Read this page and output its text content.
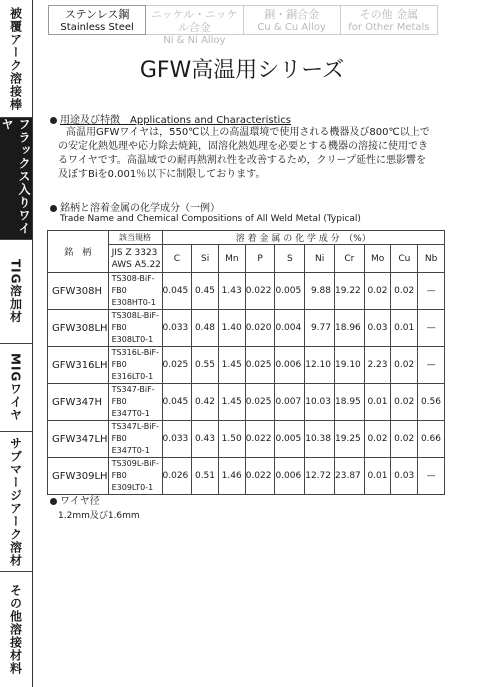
被覆アーク溶接棒
フラックス入りワイヤ
TIG溶加材
MIGワイヤ
サブマージアーク溶材
その他溶接材料
ステンレス鋼
Stainless Steel
ニッケル・ニッケル合金
Ni & Ni Alloy
銅・銅合金
Cu & Cu Alloy
その他 金属
for Other Metals
GFW高温用シリーズ
用途及び特徴　 Applications and Characteristics
高温用GFWワイヤは，550℃以上の高温環境で使用される機器及び800℃以上で
の安定化熱処理や応力除去焼鈍，固溶化熱処理を必要とする機器の溶接に使用でき
るワイヤです。高温域での耐再熱割れ性を改善するため，クリープ延性に悪影響を
及ぼすBiを0.001％以下に制限しております。
銘柄と溶着金属の化学成分（一例）
Trade Name and Chemical Compositions of All Weld Metal (Typical)
銘　柄	該当規格	溶 着 金 属 の 化 学 成 分　（%）									

	JIS Z 3323
AWS A5.22	C	Si	Mn	P	S	Ni	Cr	Mo	Cu	Nb
GFW308H	TS308-BiF-FB0
E308HT0-1	0.045	0.45	1.43	0.022	0.005	9.88	19.22	0.02	0.02	—
GFW308LH	TS308L-BiF-FB0
E308LT0-1	0.033	0.48	1.40	0.020	0.004	9.77	18.96	0.03	0.01	—
GFW316LH	TS316L-BiF-FB0
E316LT0-1	0.025	0.55	1.45	0.025	0.006	12.10	19.10	2.23	0.02	—
GFW347H	TS347-BiF-FB0
E347T0-1	0.045	0.42	1.45	0.025	0.007	10.03	18.95	0.01	0.02	0.56
GFW347LH	TS347L-BiF-FB0
E347T0-1	0.033	0.43	1.50	0.022	0.005	10.38	19.25	0.02	0.02	0.66
GFW309LH	TS309L-BiF-FB0
E309LT0-1	0.026	0.51	1.46	0.022	0.006	12.72	23.87	0.01	0.03	—
ワイヤ径
1.2mm及び1.6mm
